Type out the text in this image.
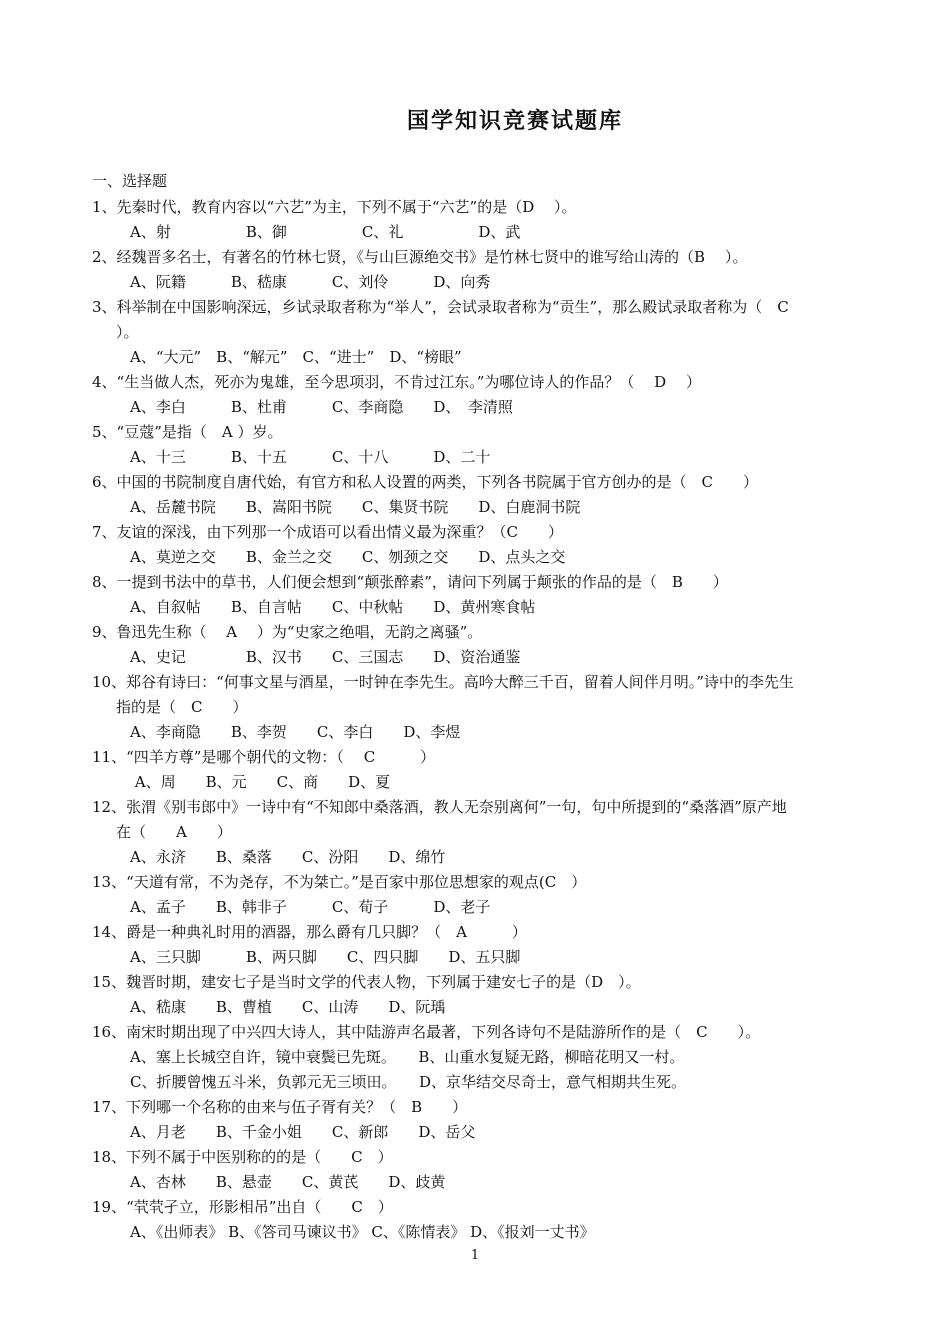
国学知识竞赛试题库
一、选择题
1、先秦时代，教育内容以“六艺”为主，下列不属于“六艺”的是（D　 ）。
A、射　　　　　B、御　　　　　C、礼　　　　　D、武
2、经魏晋多名士，有著名的竹林七贤，《与山巨源绝交书》是竹林七贤中的谁写给山涛的（B　 ）。
A、阮籍　　　B、嵇康　　　C、刘伶　　　D、向秀
3、科举制在中国影响深远，乡试录取者称为“举人”，会试录取者称为“贡生”，那么殿试录取者称为（　C
）。
A、“大元”　B、“解元”　C、“进士”　D、“榜眼”
4、“生当做人杰，死亦为鬼雄，至今思项羽，不肯过江东。”为哪位诗人的作品？（　 D　 ）
A、李白　　　B、杜甫　　　C、李商隐　　D、　李清照
5、“豆蔻”是指（　A ）岁。
A、十三　　　B、十五　　　C、十八　　　D、二十
6、中国的书院制度自唐代始，有官方和私人设置的两类，下列各书院属于官方创办的是（　C　　）
A、岳麓书院　　B、嵩阳书院　　C、集贤书院　　D、白鹿洞书院
7、友谊的深浅，由下列那一个成语可以看出情义最为深重？（C　　）
A、莫逆之交　　B、金兰之交　　C、刎颈之交　　D、点头之交
8、一提到书法中的草书，人们便会想到“颠张醉素”，请问下列属于颠张的作品的是（　B　　）
A、自叙帖　　B、自言帖　　C、中秋帖　　D、黄州寒食帖
9、鲁迅先生称（　 A　 ）为“史家之绝唱，无韵之离骚”。
A、史记　　　　B、汉书　　C、三国志　　D、资治通鉴
10、郑谷有诗曰：“何事文星与酒星，一时钟在李先生。高吟大醉三千百，留着人间伴月明。”诗中的李先生
指的是（　C　　）
A、李商隐　　B、李贺　　C、李白　　D、李煜
11、“四羊方尊”是哪个朝代的文物：（　 C　　　）
A、周　　B、元　　C、商　　D、夏
12、张渭《别韦郎中》一诗中有“不知郎中桑落酒，教人无奈别离何”一句，句中所提到的“桑落酒”原产地
在（　　A　　）
A、永济　　B、桑落　　C、汾阳　　D、绵竹
13、“天道有常，不为尧存，不为桀亡。”是百家中那位思想家的观点(C　）
A、孟子　　B、韩非子　　　C、荀子　　　D、老子
14、爵是一种典礼时用的酒器，那么爵有几只脚？（　A　　　）
A、三只脚　　　B、两只脚　　C、四只脚　　D、五只脚
15、魏晋时期，建安七子是当时文学的代表人物，下列属于建安七子的是（D　）。
A、嵇康　　B、曹植　　C、山涛　　D、阮瑀
16、南宋时期出现了中兴四大诗人，其中陆游声名最著，下列各诗句不是陆游所作的是（　C　　）。
A、塞上长城空自许，镜中衰鬓已先斑。　　B、山重水复疑无路，柳暗花明又一村。
C、折腰曾愧五斗米，负郭元无三顷田。　　D、京华结交尽奇士，意气相期共生死。
17、下列哪一个名称的由来与伍子胥有关？（　B　　）
A、月老　　B、千金小姐　　C、新郎　　D、岳父
18、下列不属于中医别称的的是（　　C　）
A、杏林　　B、悬壶　　C、黄芪　　D、歧黄
19、“茕茕孑立，形影相吊”出自（　　C　）
A、《出师表》 B、《答司马谏议书》 C、《陈情表》 D、《报刘一丈书》
1
